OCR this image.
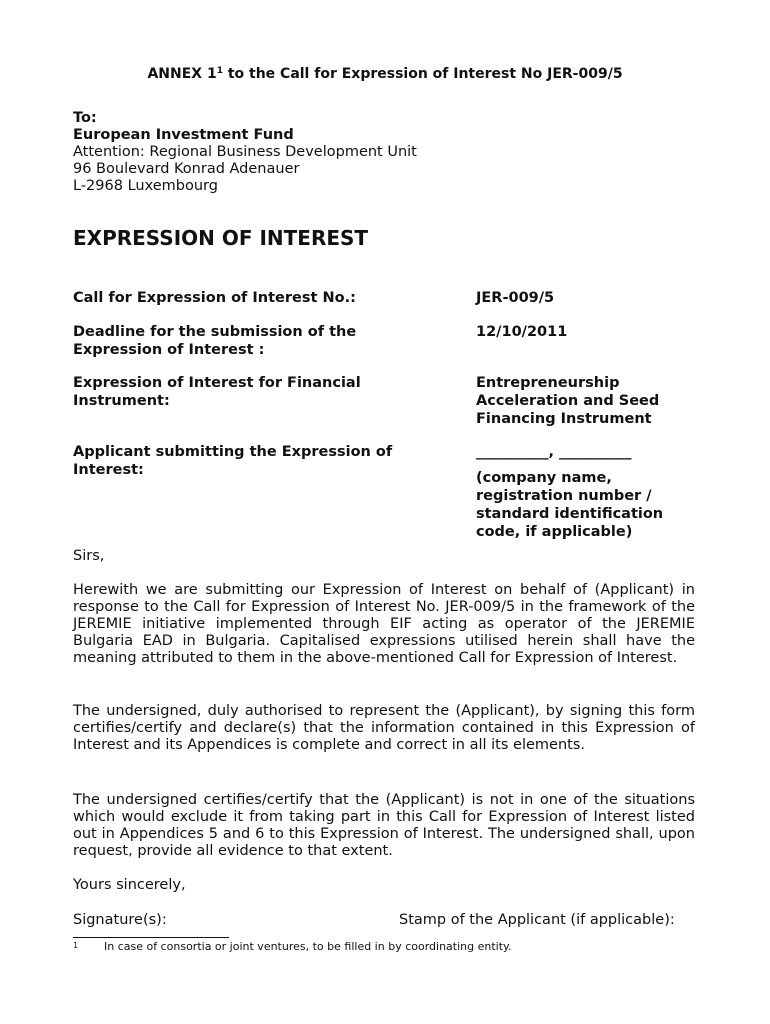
ANNEX $1^1$ to the Call for Expression of Interest No JER-009/5
To:
European Investment Fund
Attention: Regional Business Development Unit
96 Boulevard Konrad Adenauer
L-2968 Luxembourg
EXPRESSION OF INTEREST
Call for Expression of Interest No.:	JER-009/5
Deadline for the submission of the
Expression of Interest :
12/10/2011
Expression of Interest for Financial
Instrument:
Entrepreneurship
Acceleration and Seed
Financing Instrument
Applicant submitting the Expression of
Interest:
__________, __________
(company name,
registration number /
standard identification
code, if applicable)
Sirs,
Herewith we are submitting our Expression of Interest on behalf of (Applicant) in response to the Call for Expression of Interest No. JER-009/5 in the framework of the JEREMIE initiative implemented through EIF acting as operator of the JEREMIE Bulgaria EAD in Bulgaria. Capitalised expressions utilised herein shall have the meaning attributed to them in the above-mentioned Call for Expression of Interest.
The undersigned, duly authorised to represent the (Applicant), by signing this form certifies/certify and declare(s) that the information contained in this Expression of Interest and its Appendices is complete and correct in all its elements.
The undersigned certifies/certify that the (Applicant) is not in one of the situations which would exclude it from taking part in this Call for Expression of Interest listed out in Appendices 5 and 6 to this Expression of Interest. The undersigned shall, upon request, provide all evidence to that extent.
Yours sincerely,
Signature(s):	Stamp of the Applicant (if applicable):
1 In case of consortia or joint ventures, to be filled in by coordinating entity.
